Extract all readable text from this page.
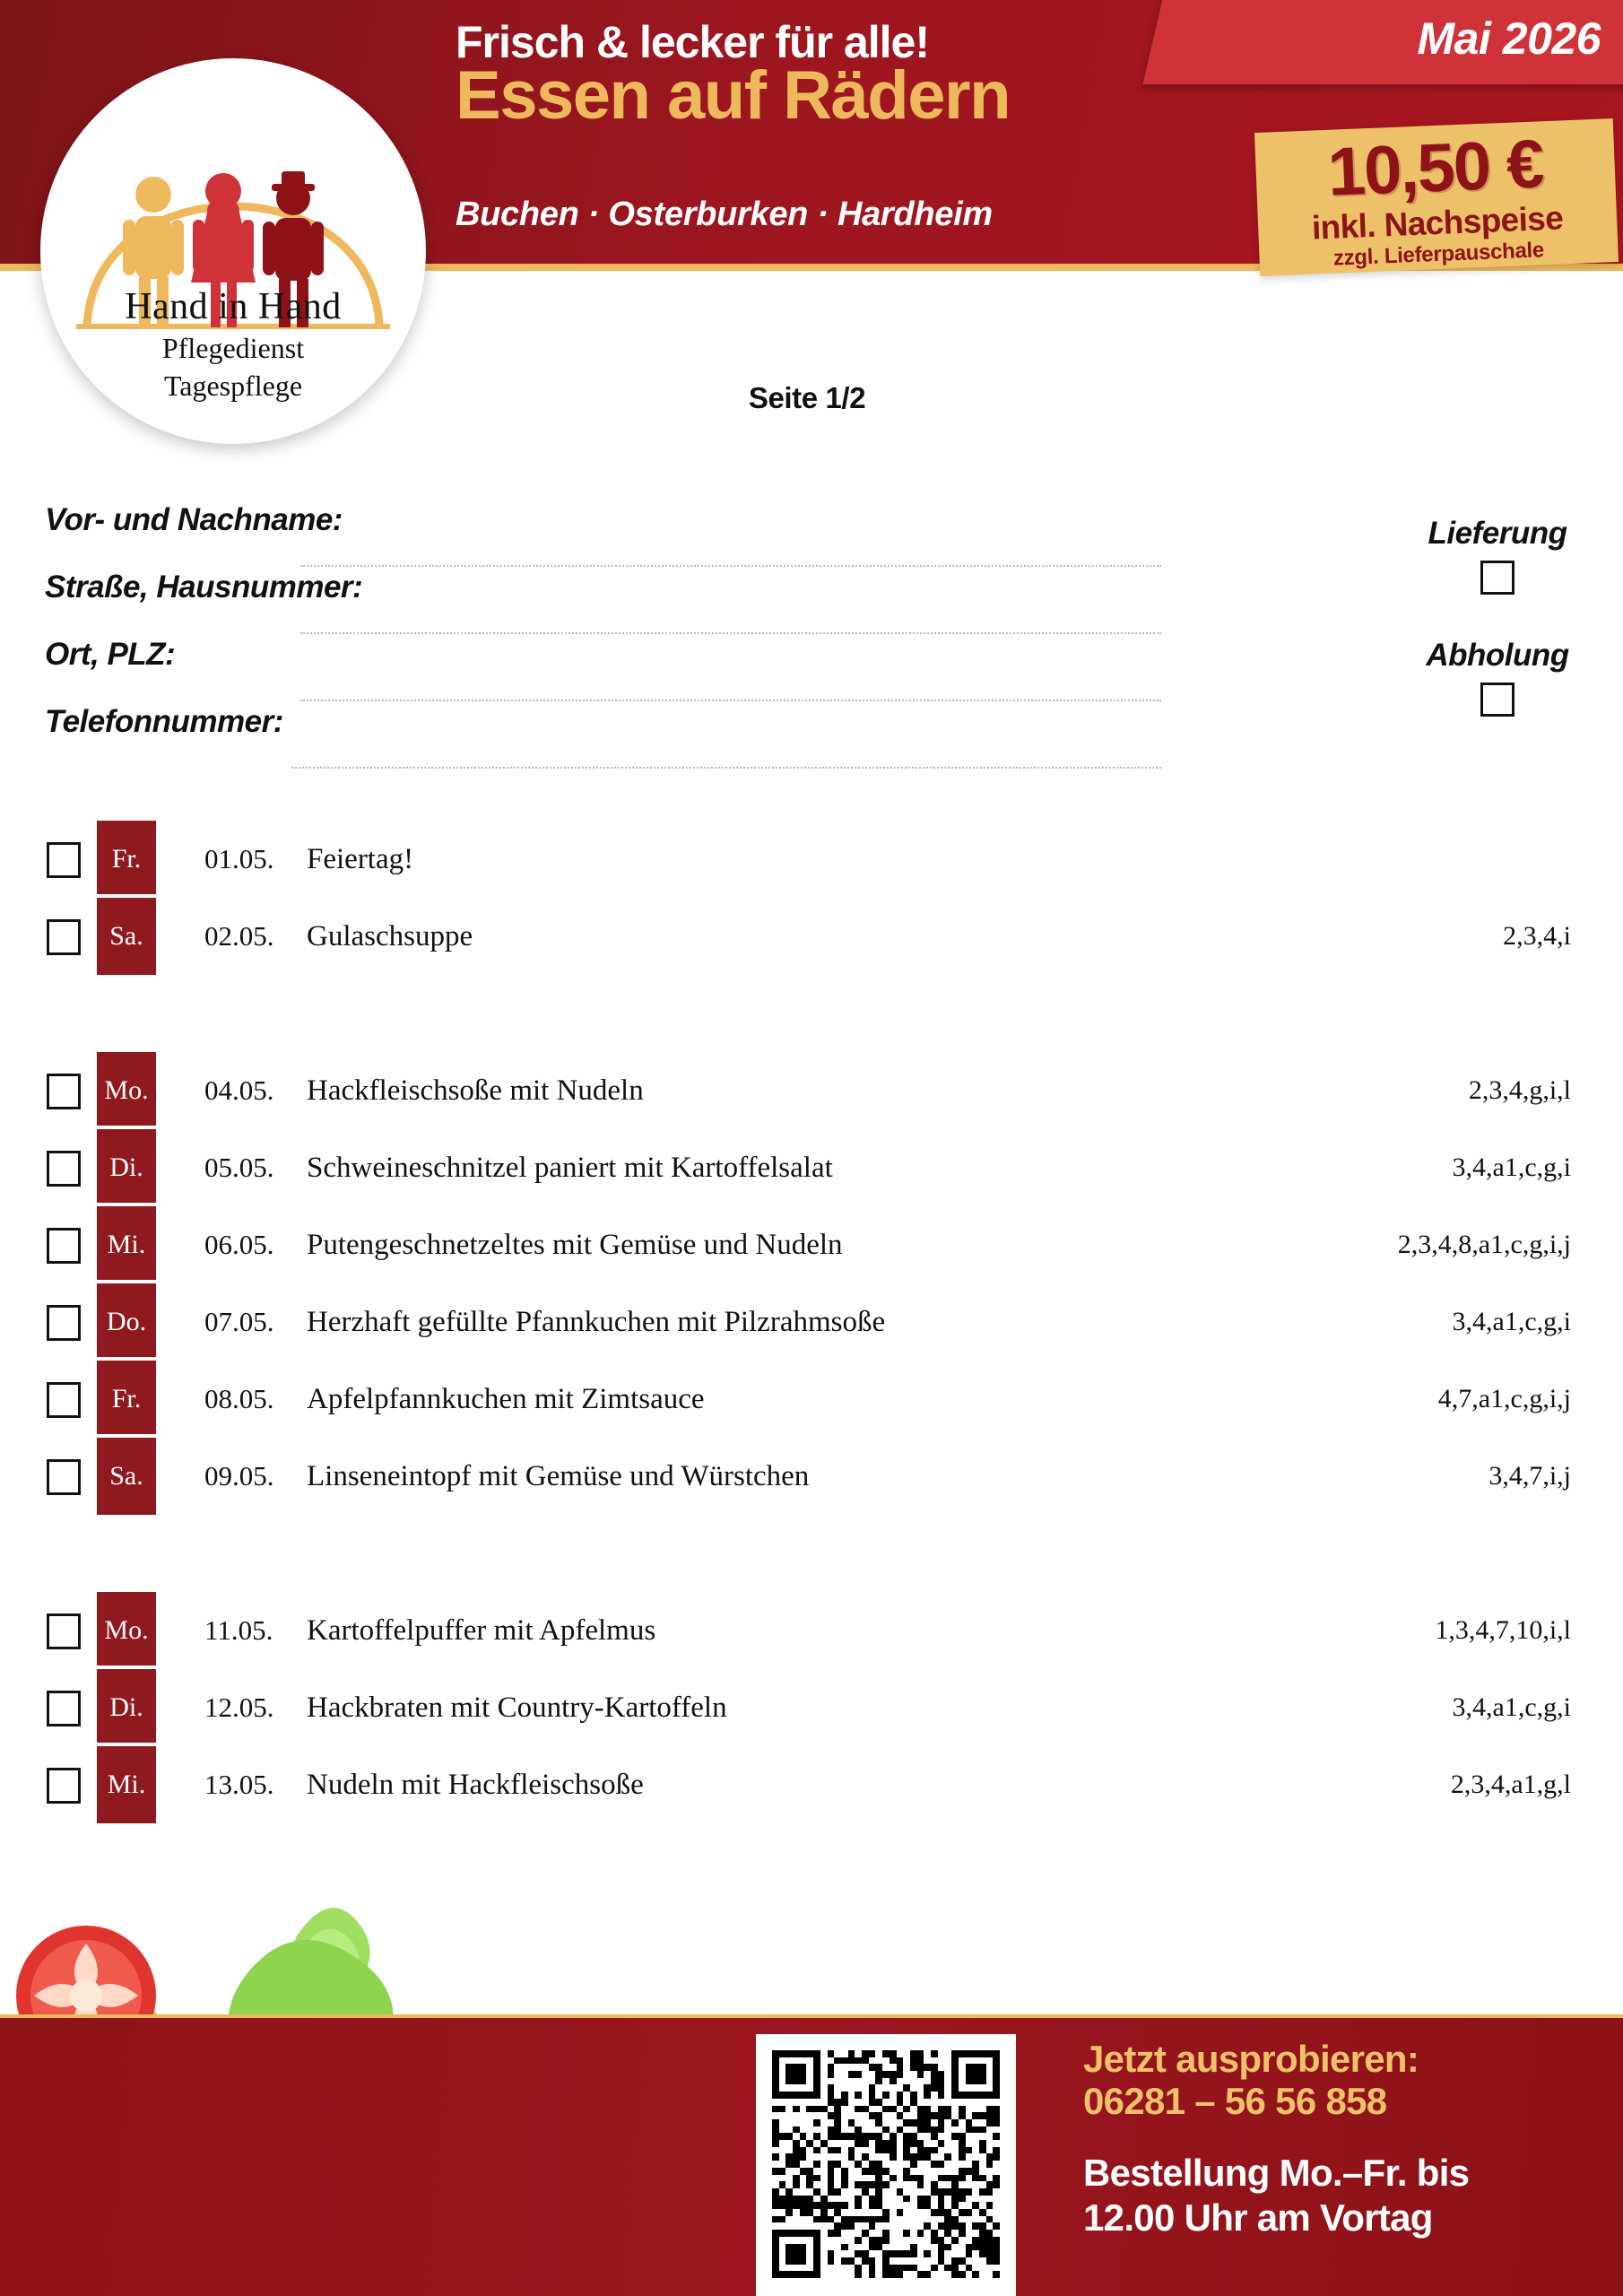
Frisch & lecker für alle!
Essen auf Rädern
Buchen · Osterburken · Hardheim
Mai 2026
10,50 €
inkl. Nachspeise
zzgl. Lieferpauschale
Hand in Hand
Pflegedienst
Tagespflege	Seite 1/2
Vor- und Nachname:
Straße, Hausnummer:
Ort, PLZ:
Telefonnummer:
Lieferung
Abholung
Fr.	01.05. Feiertag!
Sa.	02.05. Gulaschsuppe	2,3,4,i
Mo. 04.05. Hackfleischsoße mit Nudeln	2,3,4,g,i,l
Di.	05.05. Schweineschnitzel paniert mit Kartoffelsalat	3,4,a1,c,g,i
Mi.	06.05. Putengeschnetzeltes mit Gemüse und Nudeln	2,3,4,8,a1,c,g,i,j
Do.	07.05. Herzhaft gefüllte Pfannkuchen mit Pilzrahmsoße	3,4,a1,c,g,i
Fr.	08.05. Apfelpfannkuchen mit Zimtsauce	4,7,a1,c,g,i,j
Sa.	09.05. Linseneintopf mit Gemüse und Würstchen	3,4,7,i,j
Mo. 11.05. Kartoffelpuffer mit Apfelmus	1,3,4,7,10,i,l
Di.	12.05. Hackbraten mit Country-Kartoffeln	3,4,a1,c,g,i
Mi.	13.05. Nudeln mit Hackfleischsoße	2,3,4,a1,g,l
Jetzt ausprobieren:
06281 – 56 56 858
Bestellung Mo.–Fr. bis
12.00 Uhr am Vortag
